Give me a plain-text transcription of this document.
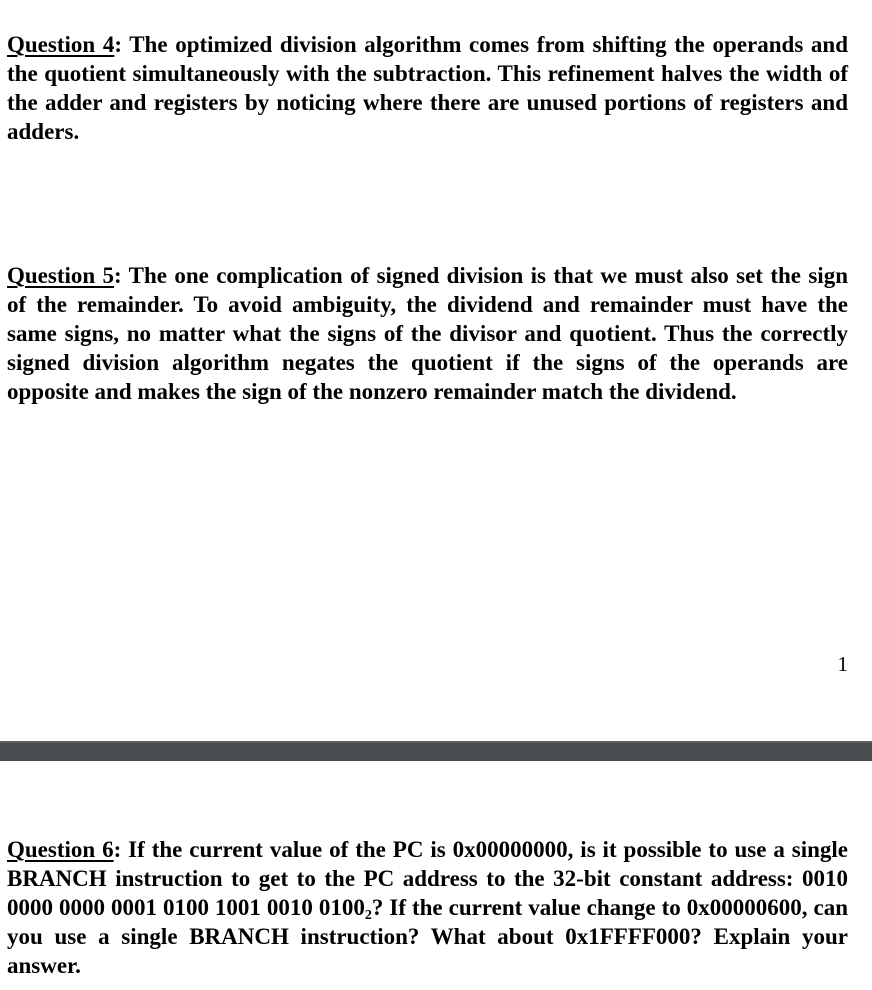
Question 4: The optimized division algorithm comes from shifting the operands and the quotient simultaneously with the subtraction. This refinement halves the width of the adder and registers by noticing where there are unused portions of registers and adders.

Question 5: The one complication of signed division is that we must also set the sign of the remainder. To avoid ambiguity, the dividend and remainder must have the same signs, no matter what the signs of the divisor and quotient. Thus the correctly signed division algorithm negates the quotient if the signs of the operands are opposite and makes the sign of the nonzero remainder match the dividend.

1

Question 6: If the current value of the PC is 0x00000000, is it possible to use a single BRANCH instruction to get to the PC address to the 32-bit constant address: 0010 0000 0000 0001 0100 1001 0010 $0100_2$? If the current value change to 0x00000600, can you use a single BRANCH instruction? What about 0x1FFFF000? Explain your answer.
